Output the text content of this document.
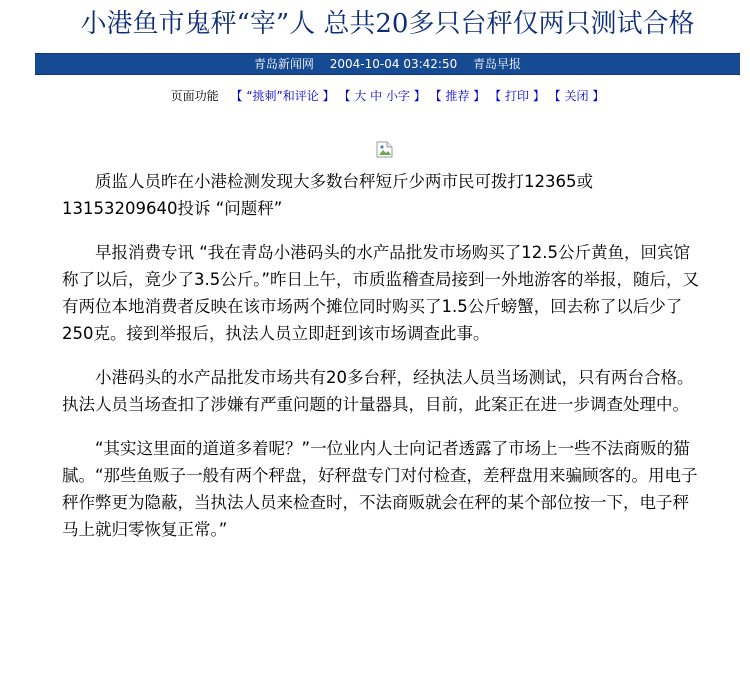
小港鱼市鬼秤“宰”人 总共20多只台秤仅两只测试合格
青岛新闻网 2004-10-04 03:42:50 青岛早报
页面功能 【 “挑刺”和评论 】 【 大 中 小字 】 【 推荐 】 【 打印 】 【 关闭 】

质监人员昨在小港检测发现大多数台秤短斤少两市民可拨打12365或13153209640投诉 “问题秤”

早报消费专讯 “我在青岛小港码头的水产品批发市场购买了12.5公斤黄鱼，回宾馆称了以后，竟少了3.5公斤。”昨日上午，市质监稽查局接到一外地游客的举报，随后，又有两位本地消费者反映在该市场两个摊位同时购买了1.5公斤螃蟹，回去称了以后少了250克。接到举报后，执法人员立即赶到该市场调查此事。

小港码头的水产品批发市场共有20多台秤，经执法人员当场测试，只有两台合格。执法人员当场查扣了涉嫌有严重问题的计量器具，目前，此案正在进一步调查处理中。

“其实这里面的道道多着呢？”一位业内人士向记者透露了市场上一些不法商贩的猫腻。“那些鱼贩子一般有两个秤盘，好秤盘专门对付检查，差秤盘用来骗顾客的。用电子秤作弊更为隐蔽，当执法人员来检查时，不法商贩就会在秤的某个部位按一下，电子秤马上就归零恢复正常。”
